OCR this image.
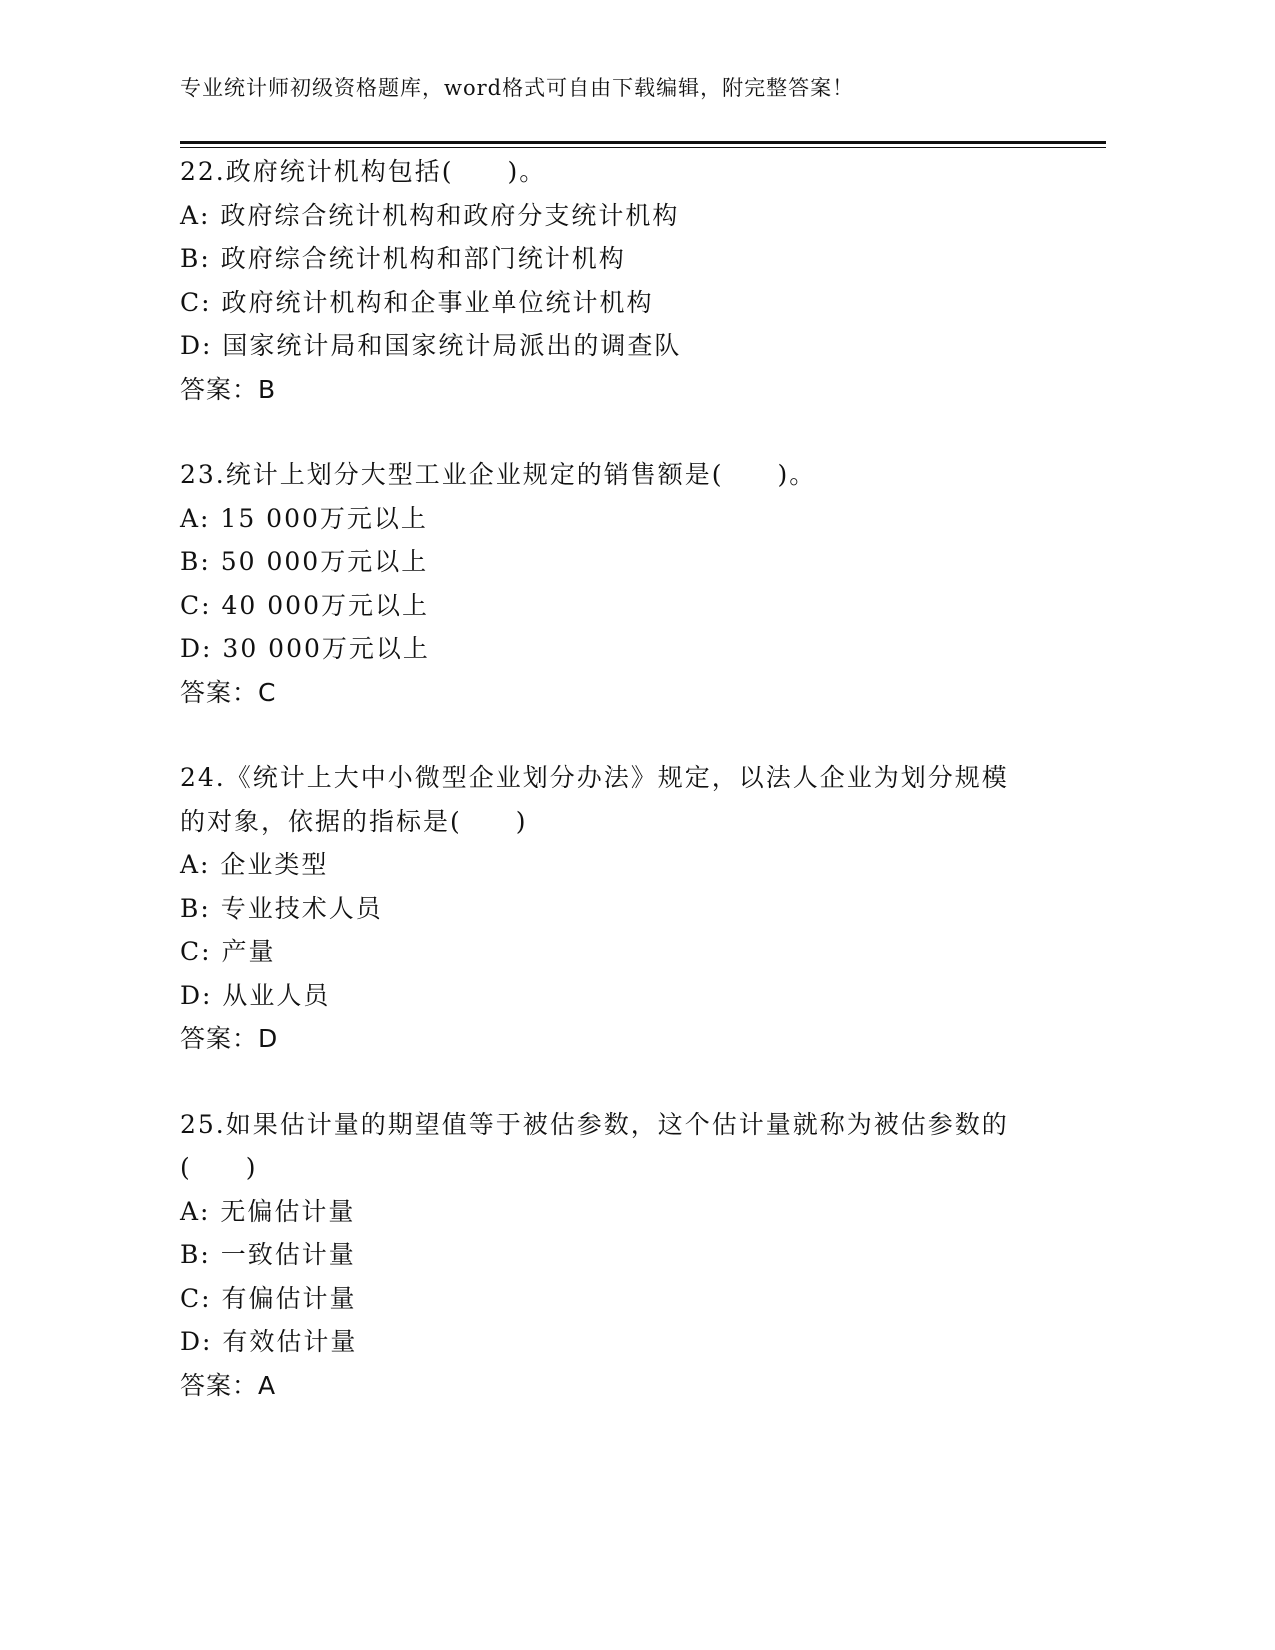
专业统计师初级资格题库，word格式可自由下载编辑，附完整答案！
22.政府统计机构包括(　　)。
A: 政府综合统计机构和政府分支统计机构
B: 政府综合统计机构和部门统计机构
C: 政府统计机构和企事业单位统计机构
D: 国家统计局和国家统计局派出的调查队
答案：B
23.统计上划分大型工业企业规定的销售额是(　　)。
A: 15 000万元以上
B: 50 000万元以上
C: 40 000万元以上
D: 30 000万元以上
答案：C
24.《统计上大中小微型企业划分办法》规定，以法人企业为划分规模的对象，依据的指标是(　　)
A: 企业类型
B: 专业技术人员
C: 产量
D: 从业人员
答案：D
25.如果估计量的期望值等于被估参数，这个估计量就称为被估参数的(　　)
A: 无偏估计量
B: 一致估计量
C: 有偏估计量
D: 有效估计量
答案：A
